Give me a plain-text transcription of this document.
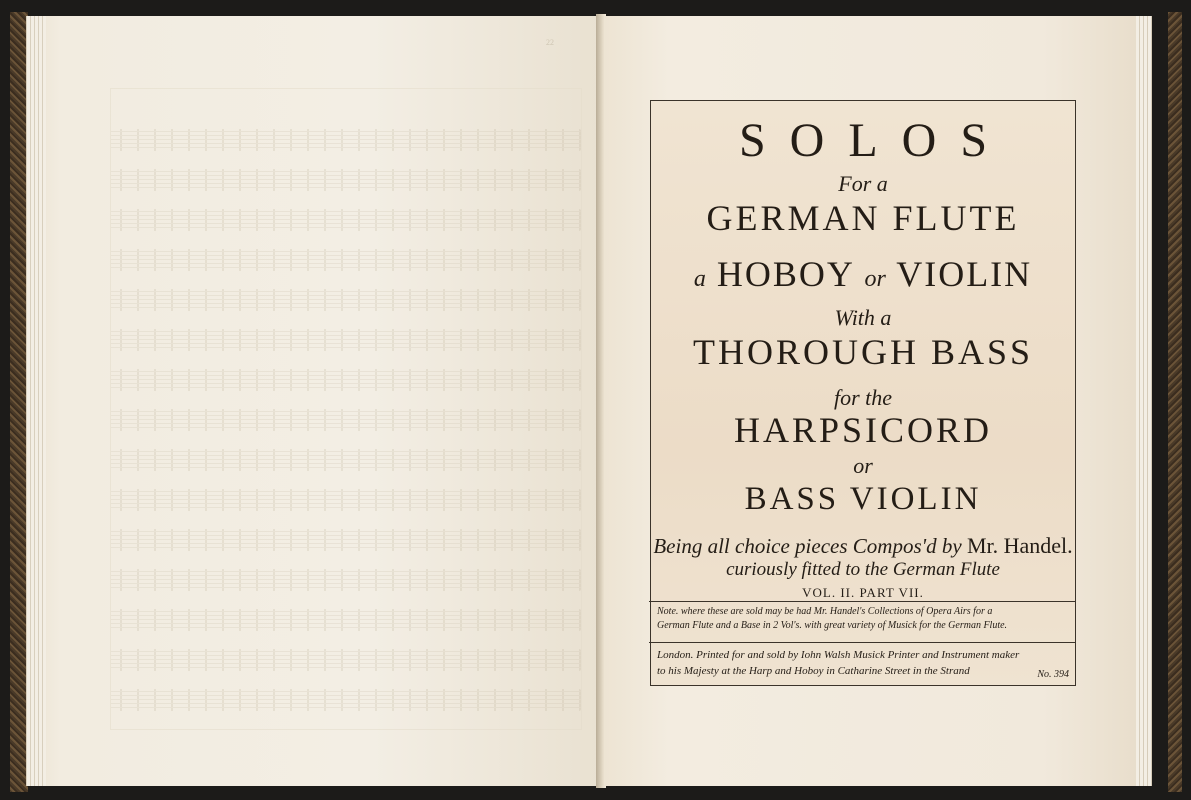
22
SOLOS
For a
GERMAN FLUTE
a HOBOY or VIOLIN
With a
THOROUGH BASS
for the
HARPSICORD
or
BASS VIOLIN
Being all choice pieces Compos'd by Mr. Handel.
curiously fitted to the German Flute
VOL. II. PART VII.
Note. where these are sold may be had Mr. Handel's Collections of Opera Airs for a
German Flute and a Base in 2 Vol's. with great variety of Musick for the German Flute.
London. Printed for and sold by Iohn Walsh Musick Printer and Instrument maker
to his Majesty at the Harp and Hoboy in Catharine Street in the Strand	No. 394
